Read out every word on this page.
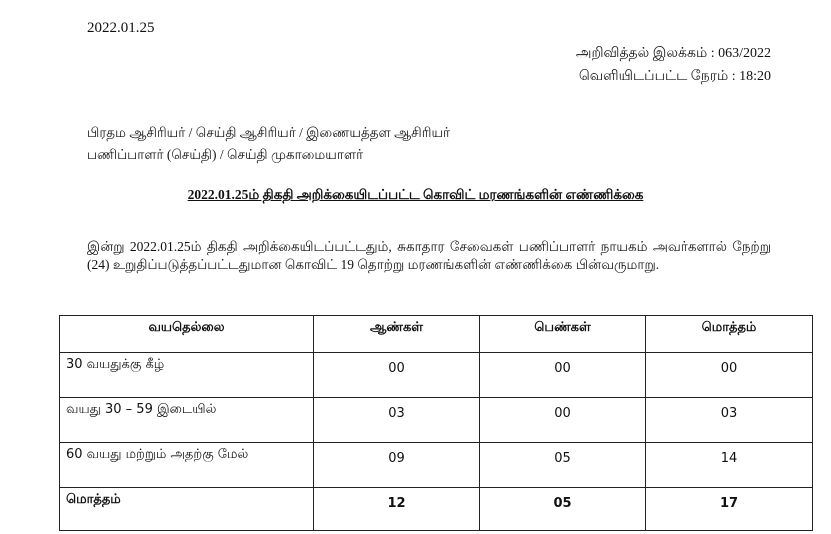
2022.01.25
அறிவித்தல் இலக்கம் : 063/2022
வெளியிடப்பட்ட நேரம் : 18:20
பிரதம ஆசிரியர் / செய்தி ஆசிரியர் / இணையத்தள ஆசிரியர்
பணிப்பாளர் (செய்தி) / செய்தி முகாமையாளர்
2022.01.25ம் திகதி அறிக்கையிடப்பட்ட கொவிட் மரணங்களின் எண்ணிக்கை
இன்று 2022.01.25ம் திகதி அறிக்கையிடப்பட்டதும், சுகாதார சேவைகள் பணிப்பாளர் நாயகம் அவர்களால் நேற்று (24) உறுதிப்படுத்தப்பட்டதுமான கொவிட் 19 தொற்று மரணங்களின் எண்ணிக்கை பின்வருமாறு.
வயதெல்லை	ஆண்கள்	பெண்கள்	மொத்தம்
30 வயதுக்கு கீழ்	00	00	00
வயது 30 – 59 இடையில்	03	00	03
60 வயது மற்றும் அதற்கு மேல்	09	05	14
மொத்தம்	12	05	17
